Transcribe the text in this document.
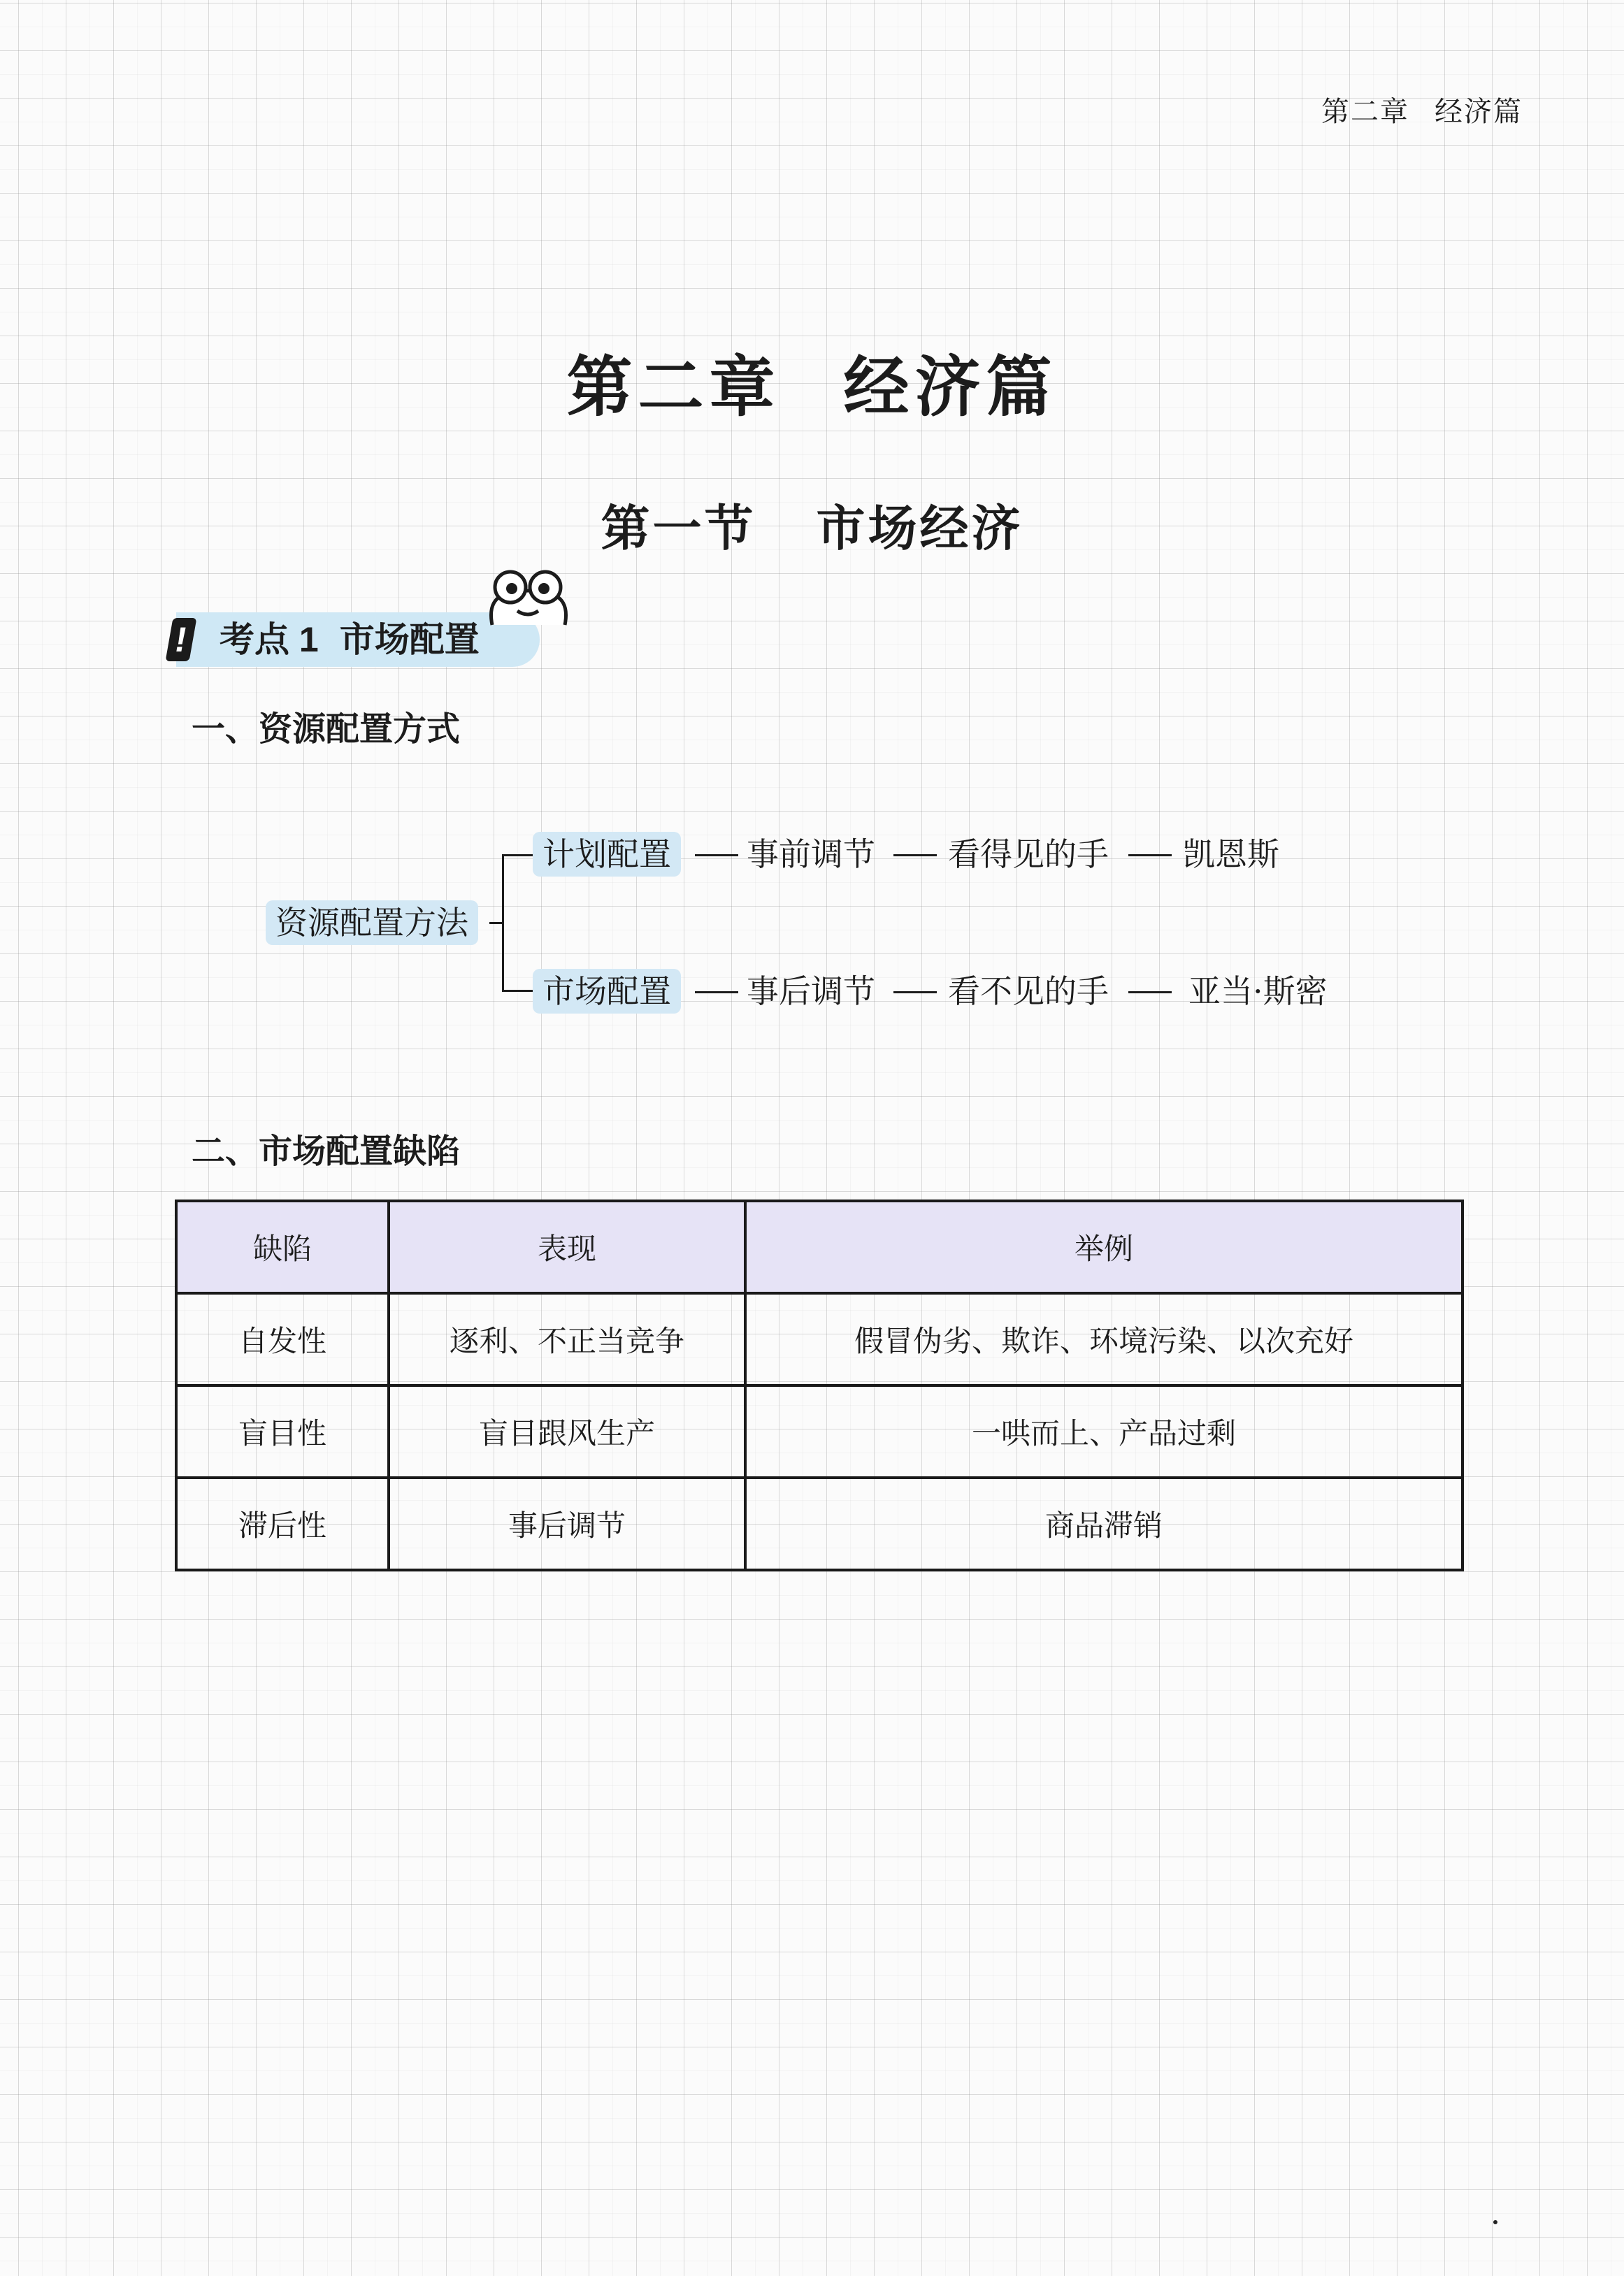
第二章 经济篇
第二章 经济篇
第一节 市场经济
! 考点 1 市场配置
一、资源配置方式
资源配置方法
计划配置	事前调节 看得见的手 凯恩斯
市场配置	事后调节 看不见的手 亚当·斯密
二、市场配置缺陷
缺陷	表现	举例
自发性	逐利、不正当竞争	假冒伪劣、欺诈、环境污染、以次充好
盲目性	盲目跟风生产	一哄而上、产品过剩
滞后性	事后调节	商品滞销
